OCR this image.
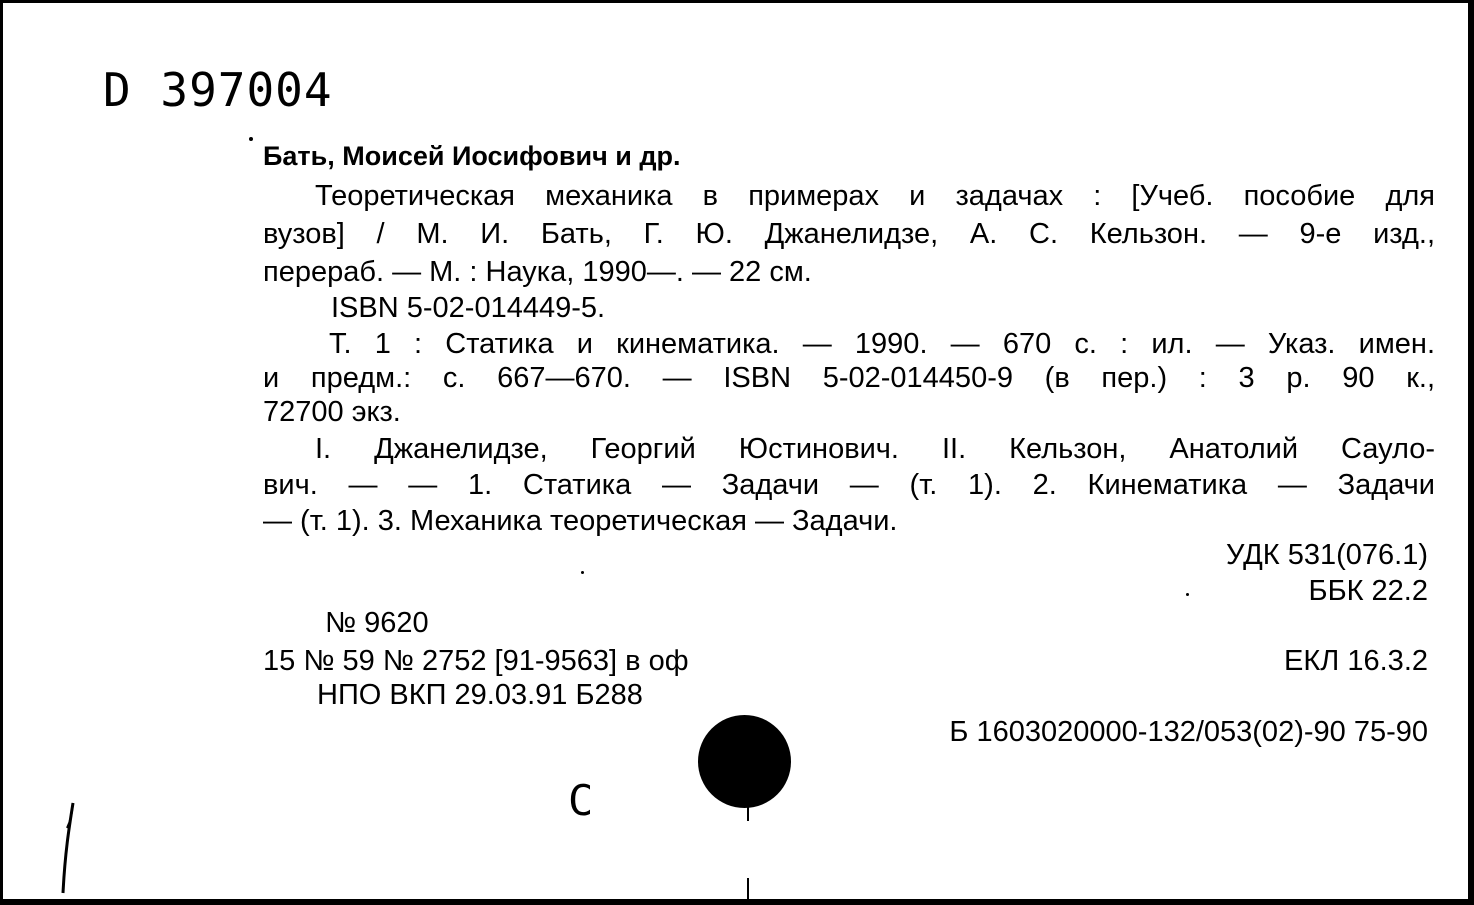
D 397004
Бать, Моисей Иосифович и др.
Теоретическая механика в примерах и задачах : [Учеб. пособие для
вузов] / М. И. Бать, Г. Ю. Джанелидзе, А. С. Кельзон. — 9-е изд.,
перераб. — М. : Наука, 1990—. — 22 см.
ISBN 5-02-014449-5.
Т. 1 : Статика и кинематика. — 1990. — 670 с. : ил. — Указ. имен.
и предм.: с. 667—670. — ISBN 5-02-014450-9 (в пер.) : 3 р. 90 к.,
72700 экз.
I. Джанелидзе, Георгий Юстинович. II. Кельзон, Анатолий Сауло-
вич. — — 1. Статика — Задачи — (т. 1). 2. Кинематика — Задачи
— (т. 1). 3. Механика теоретическая — Задачи.
УДК 531(076.1)
ББК 22.2
№ 9620
15 № 59 № 2752 [91-9563] в оф	ЕКЛ 16.3.2
НПО ВКП 29.03.91 Б288
Б 1603020000-132/053(02)-90 75-90
С
